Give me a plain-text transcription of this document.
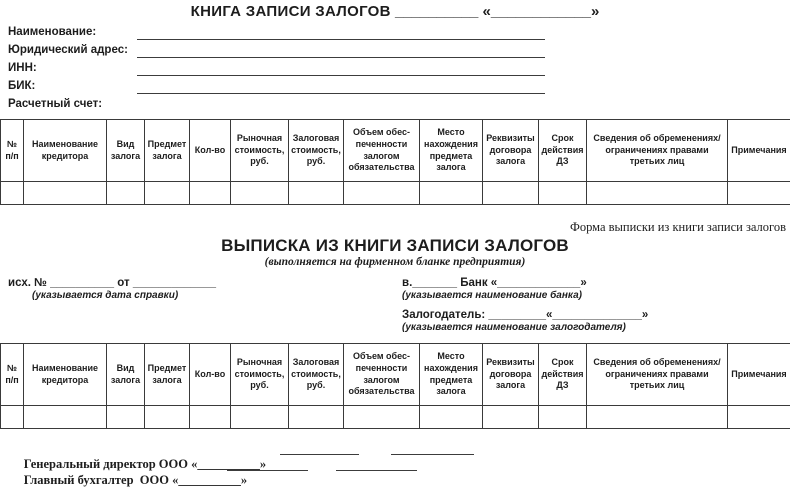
КНИГА ЗАПИСИ ЗАЛОГОВ __________ «____________»
Наименование:
Юридический адрес:
ИНН:
БИК:
Расчетный счет:
№ п/п	Наименование кредитора	Вид залога	Предмет залога	Кол-во	Рыночная стоимость, руб.	Залоговая стоимость, руб.	Объем обес-печенности залогом обязательства	Место нахождения предмета залога	Реквизиты договора залога	Срок действия ДЗ	Сведения об обременениях/ ограничениях правами третьих лиц	Примечания

Форма выписки из книги записи залогов
ВЫПИСКА ИЗ КНИГИ ЗАПИСИ ЗАЛОГОВ
(выполняется на фирменном бланке предприятия)
исх. № __________ от _____________
(указывается дата справки)
в._______ Банк «_____________»
(указывается наименование банка)
Залогодатель: _________«______________»
(указывается наименование залогодателя)
№ п/п	Наименование кредитора	Вид залога	Предмет залога	Кол-во	Рыночная стоимость, руб.	Залоговая стоимость, руб.	Объем обес-печенности залогом обязательства	Место нахождения предмета залога	Реквизиты договора залога	Срок действия ДЗ	Сведения об обременениях/ ограничениях правами третьих лиц	Примечания

Генеральный директор ООО «__________»

Главный бухгалтер  ООО «__________»
